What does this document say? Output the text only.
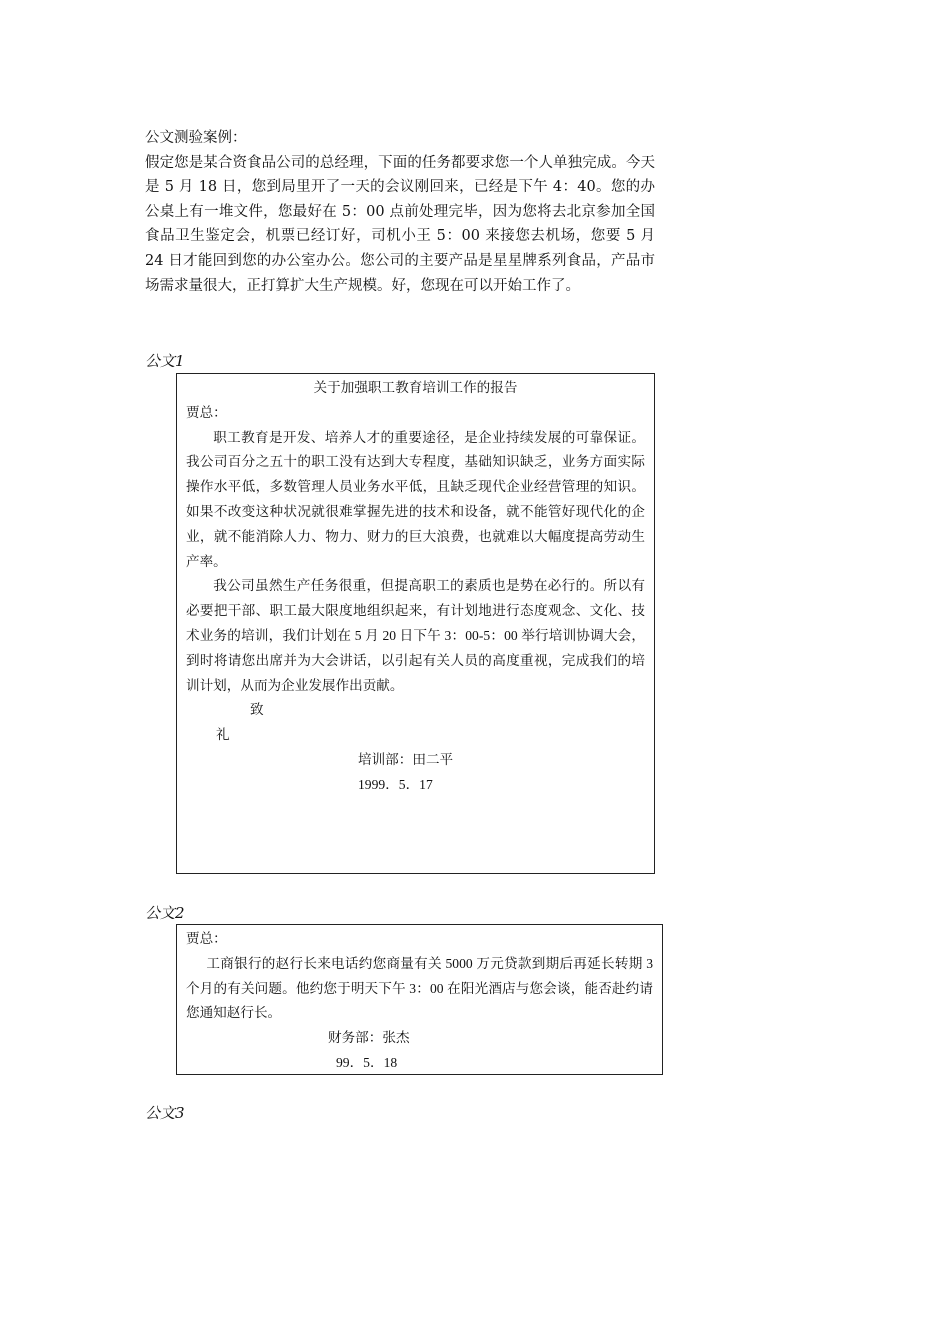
公文测验案例：

假定您是某合资食品公司的总经理，下面的任务都要求您一个人单独完成。今天是 5 月 18 日，您到局里开了一天的会议刚回来，已经是下午 4：40。您的办公桌上有一堆文件，您最好在 5：00 点前处理完毕，因为您将去北京参加全国食品卫生鉴定会，机票已经订好，司机小王 5：00 来接您去机场，您要 5 月 24 日才能回到您的办公室办公。您公司的主要产品是星星牌系列食品，产品市场需求量很大，正打算扩大生产规模。好，您现在可以开始工作了。

公文1

关于加强职工教育培训工作的报告

贾总：

职工教育是开发、培养人才的重要途径，是企业持续发展的可靠保证。我公司百分之五十的职工没有达到大专程度，基础知识缺乏，业务方面实际操作水平低，多数管理人员业务水平低，且缺乏现代企业经营管理的知识。如果不改变这种状况就很难掌握先进的技术和设备，就不能管好现代化的企业，就不能消除人力、物力、财力的巨大浪费，也就难以大幅度提高劳动生产率。

我公司虽然生产任务很重，但提高职工的素质也是势在必行的。所以有必要把干部、职工最大限度地组织起来，有计划地进行态度观念、文化、技术业务的培训，我们计划在 5 月 20 日下午 3：00-5：00 举行培训协调大会，到时将请您出席并为大会讲话，以引起有关人员的高度重视，完成我们的培训计划，从而为企业发展作出贡献。

致

礼

培训部：田二平

1999．5．17

公文2

贾总：

工商银行的赵行长来电话约您商量有关 5000 万元贷款到期后再延长转期 3 个月的有关问题。他约您于明天下午 3：00 在阳光酒店与您会谈，能否赴约请您通知赵行长。

财务部：张杰

99．5．18

公文3
